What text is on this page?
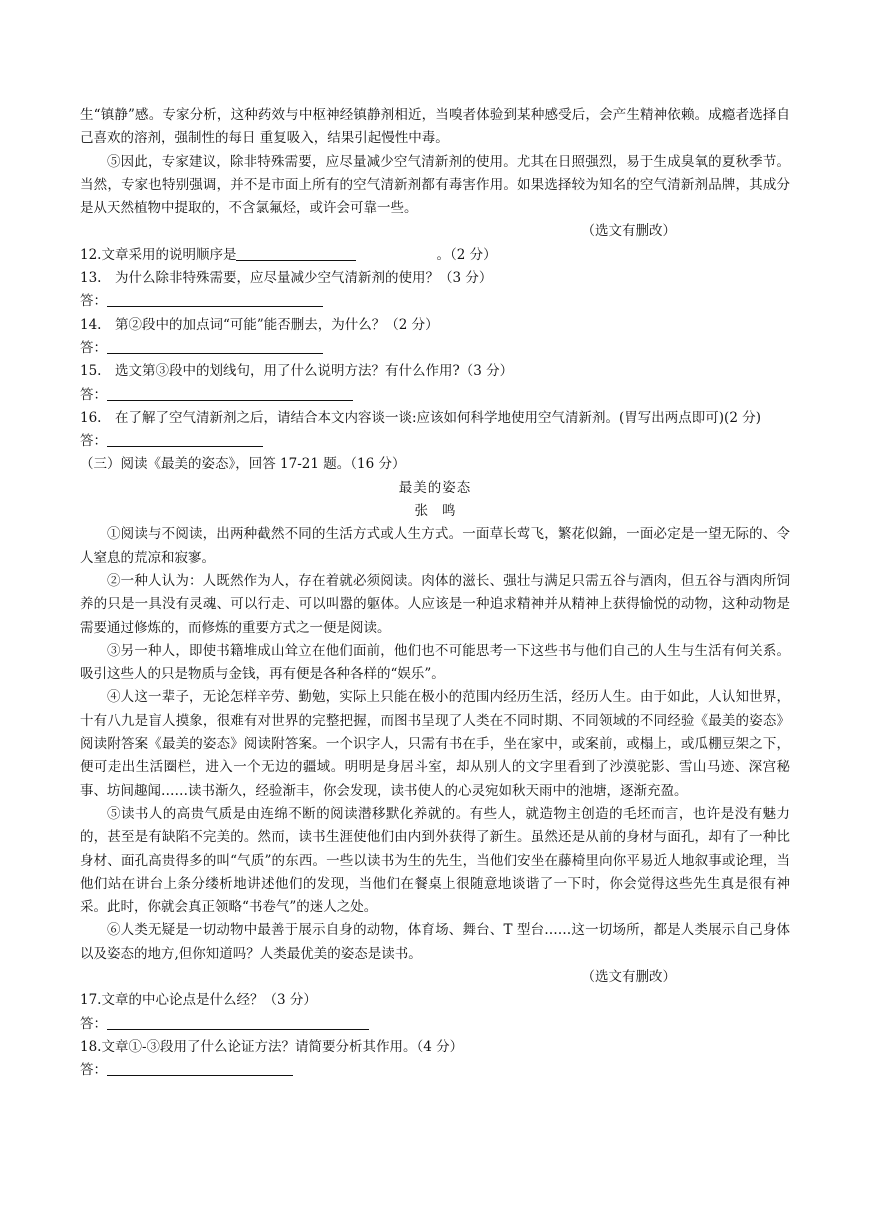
生“镇静”感。专家分析，这种药效与中枢神经镇静剂相近，当嗅者体验到某种感受后，会产生精神依赖。成瘾者选择自己喜欢的溶剂，强制性的每日 重复吸入，结果引起慢性中毒。

⑤因此，专家建议，除非特殊需要，应尽量减少空气清新剂的使用。尤其在日照强烈，易于生成臭氧的夏秋季节。当然，专家也特别强调，并不是市面上所有的空气清新剂都有毒害作用。如果选择较为知名的空气清新剂品牌，其成分是从天然植物中提取的，不含氯氟烃，或许会可靠一些。

（选文有删改）

12.文章采用的说明顺序是	。（2 分）

13.　为什么除非特殊需要，应尽量减少空气清新剂的使用？（3 分）

答：

14.　第②段中的加点词“可能”能否删去，为什么？（2 分）

答：

15.　选文第③段中的划线句，用了什么说明方法？有什么作用?（3 分）

答：

16.　在了解了空气清新剂之后，请结合本文内容谈一谈:应该如何科学地使用空气清新剂。(胃写出两点即可)(2 分)

答：

（三）阅读《最美的姿态》，回答 17-21 题。（16 分）

最美的姿态

张鸣

①阅读与不阅读，出两种截然不同的生活方式或人生方式。一面草长莺飞，繁花似錦，一面必定是一望无际的、令人窒息的荒凉和寂寥。

②一种人认为：人既然作为人，存在着就必须阅读。肉体的滋长、强壮与满足只需五谷与酒肉，但五谷与酒肉所饲养的只是一具没有灵魂、可以行走、可以叫嚣的躯体。人应该是一种追求精神并从精神上获得愉悦的动物，这种动物是需要通过修炼的，而修炼的重要方式之一便是阅读。

③另一种人，即使书籍堆成山耸立在他们面前，他们也不可能思考一下这些书与他们自己的人生与生活有何关系。吸引这些人的只是物质与金钱，再有便是各种各样的“娱乐”。

④人这一辈子，无论怎样辛劳、勤勉，实际上只能在极小的范围内经历生活，经历人生。由于如此，人认知世界，十有八九是盲人摸象，很难有对世界的完整把握，而图书呈现了人类在不同时期、不同领域的不同经验《最美的姿态》阅读附答案《最美的姿态》阅读附答案。一个识字人，只需有书在手，坐在家中，或案前，或榻上，或瓜棚豆架之下，便可走出生活圈栏，进入一个无边的疆域。明明是身居斗室，却从别人的文字里看到了沙漠驼影、雪山马迹、深宫秘事、坊间趣闻……读书渐久，经验渐丰，你会发现，读书使人的心灵宛如秋天雨中的池塘，逐渐充盈。

⑤读书人的高贵气质是由连绵不断的阅读潜移默化养就的。有些人，就造物主创造的毛坯而言，也许是没有魅力的，甚至是有缺陷不完美的。然而，读书生涯使他们由内到外获得了新生。虽然还是从前的身材与面孔，却有了一种比身材、面孔高贵得多的叫“气质”的东西。一些以读书为生的先生，当他们安坐在藤椅里向你平易近人地叙事或论理，当他们站在讲台上条分缕析地讲述他们的发现，当他们在餐桌上很随意地谈谐了一下时，你会觉得这些先生真是很有神采。此时，你就会真正领略“书卷气”的迷人之处。

⑥人类无疑是一切动物中最善于展示自身的动物，体育场、舞台、T 型台……这一切场所，都是人类展示自己身体以及姿态的地方,但你知道吗？人类最优美的姿态是读书。

（选文有删改）

17.文章的中心论点是什么经？（3 分）

答：

18.文章①-③段用了什么论证方法？请简要分析其作用。（4 分）

答：
